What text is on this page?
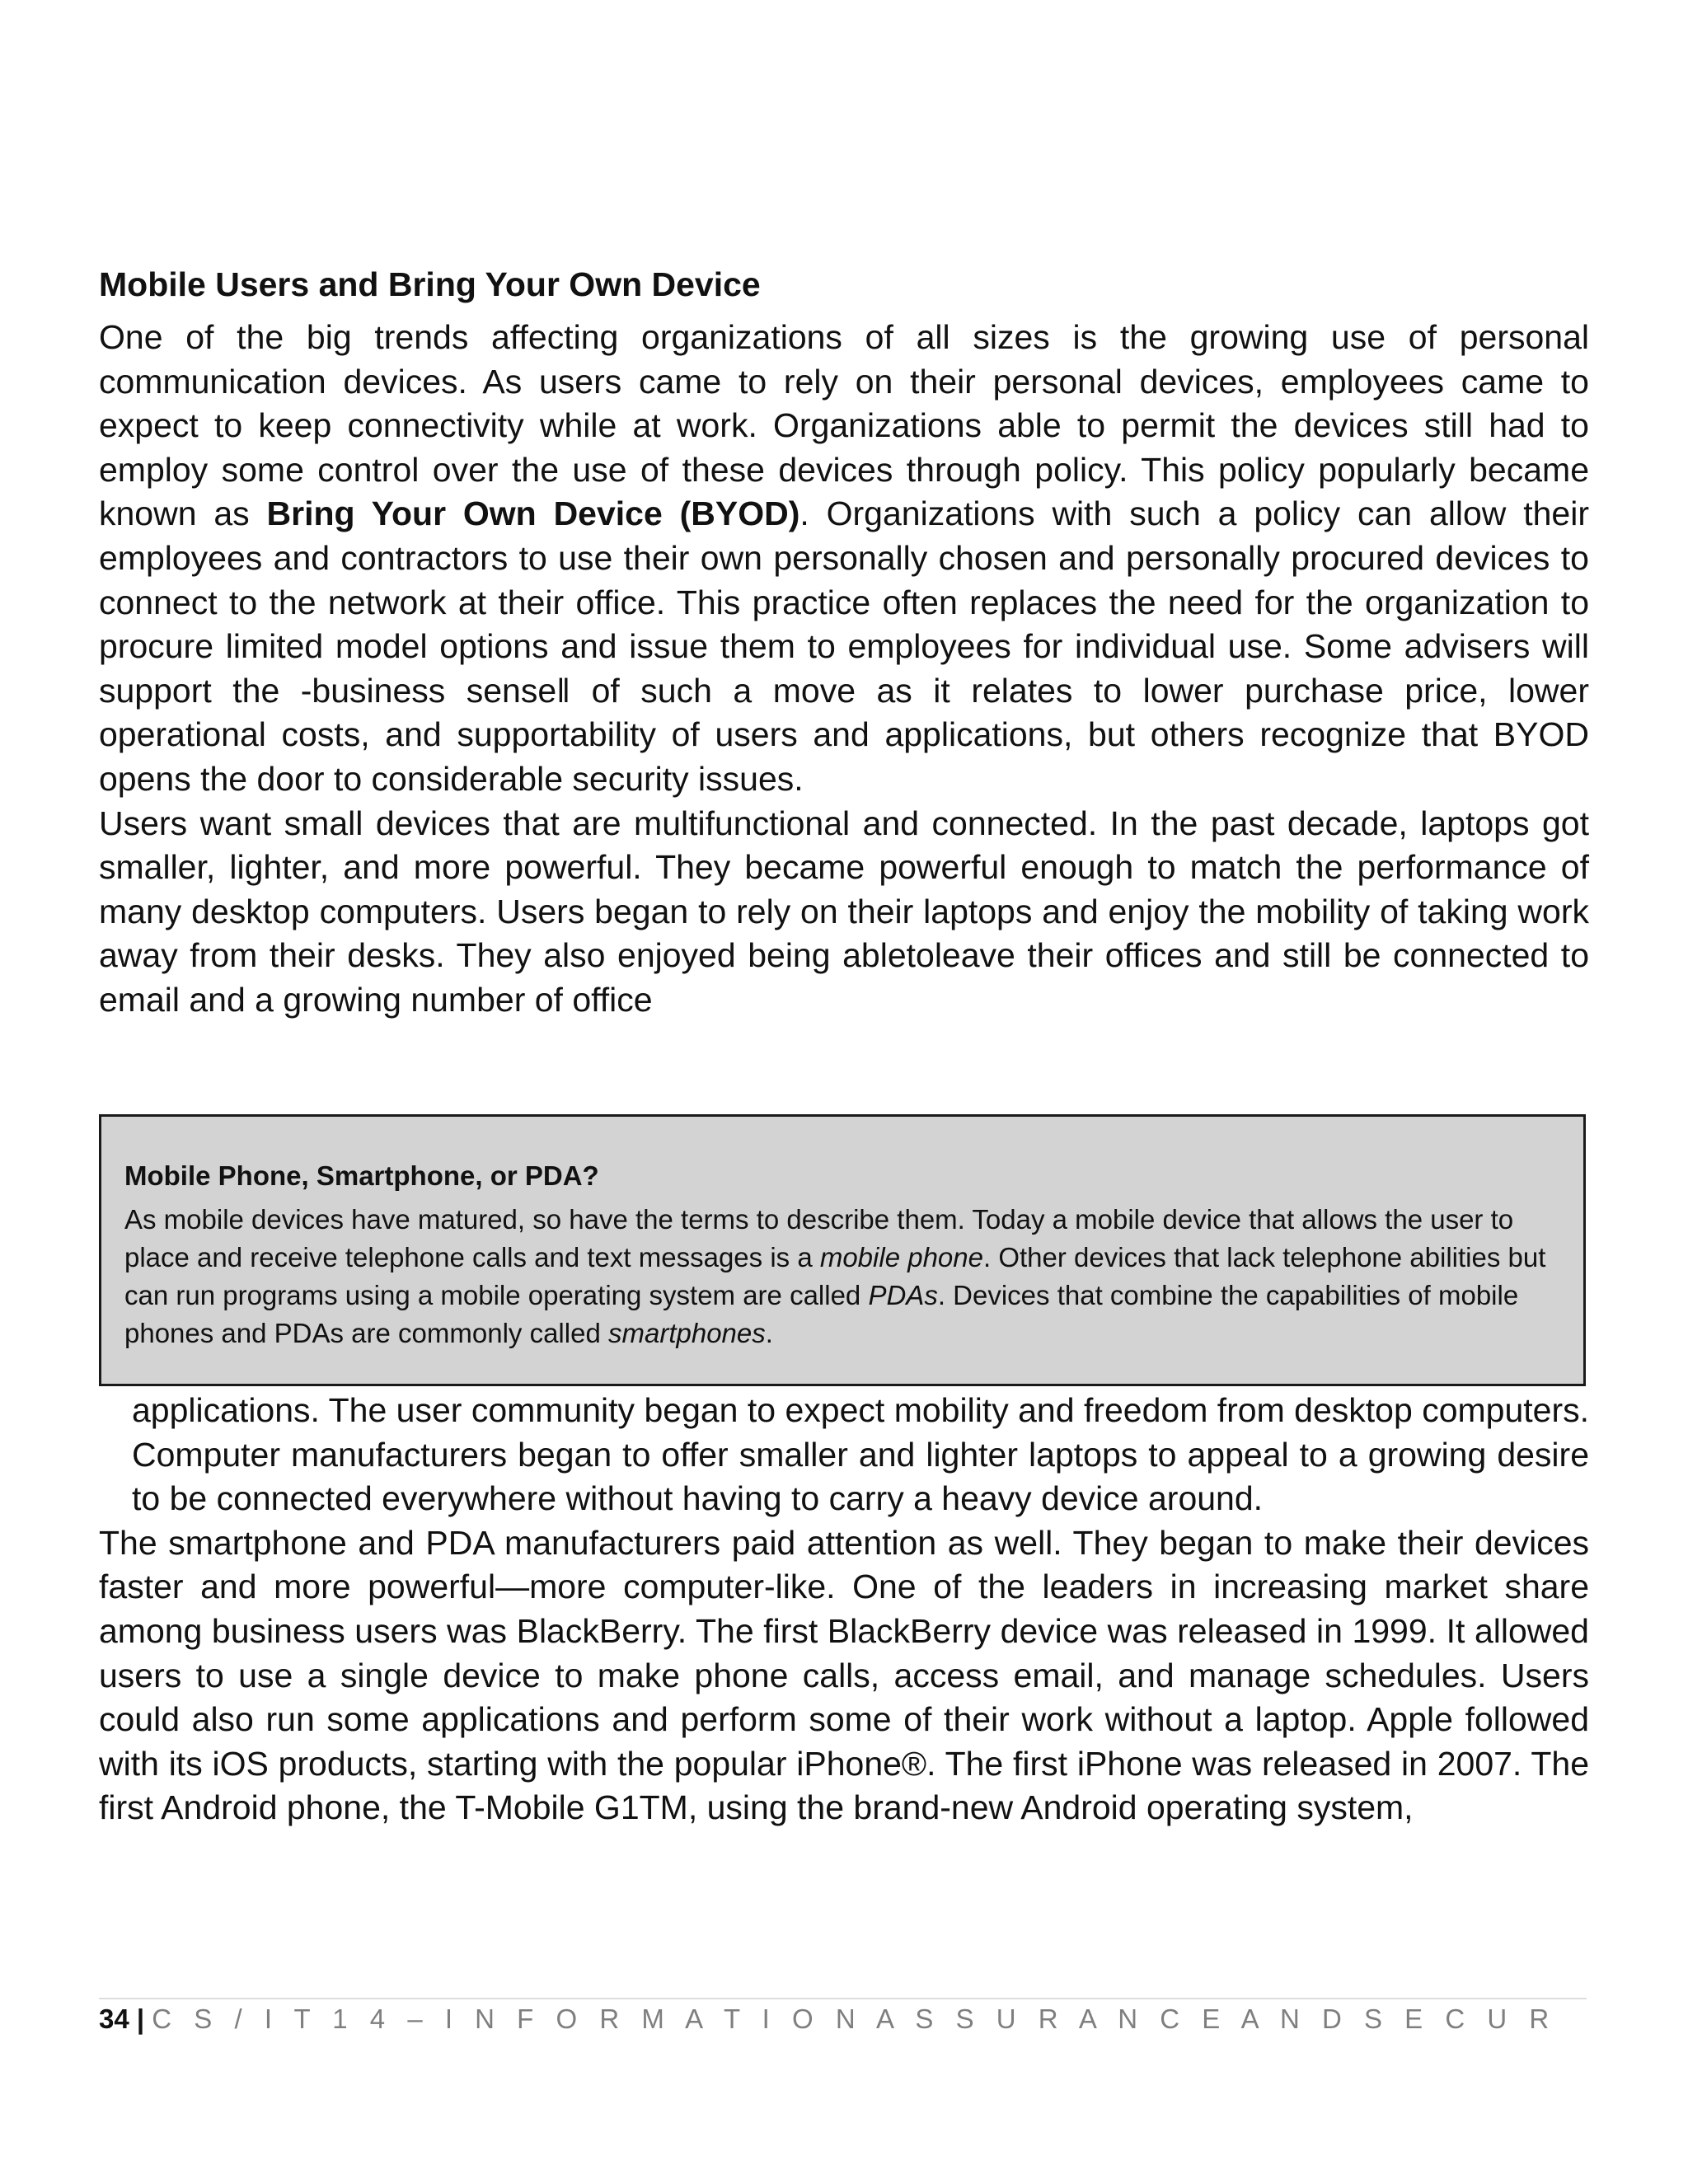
Mobile Users and Bring Your Own Device

One of the big trends affecting organizations of all sizes is the growing use of personal communication devices. As users came to rely on their personal devices, employees came to expect to keep connectivity while at work. Organizations able to permit the devices still had to employ some control over the use of these devices through policy. This policy popularly became known as Bring Your Own Device (BYOD). Organizations with such a policy can allow their employees and contractors to use their own personally chosen and personally procured devices to connect to the network at their office. This practice often replaces the need for the organization to procure limited model options and issue them to employees for individual use. Some advisers will support the ‑business sense‖ of such a move as it relates to lower purchase price, lower operational costs, and supportability of users and applications, but others recognize that BYOD opens the door to considerable security issues.

Users want small devices that are multifunctional and connected. In the past decade, laptops got smaller, lighter, and more powerful. They became powerful enough to match the performance of many desktop computers. Users began to rely on their laptops and enjoy the mobility of taking work away from their desks. They also enjoyed being abletoleave their offices and still be connected to email and a growing number of office

Mobile Phone, Smartphone, or PDA?

As mobile devices have matured, so have the terms to describe them. Today a mobile device that allows the user to place and receive telephone calls and text messages is a mobile phone. Other devices that lack telephone abilities but can run programs using a mobile operating system are called PDAs. Devices that combine the capabilities of mobile phones and PDAs are commonly called smartphones.

applications. The user community began to expect mobility and freedom from desktop computers. Computer manufacturers began to offer smaller and lighter laptops to appeal to a growing desire to be connected everywhere without having to carry a heavy device around.

The smartphone and PDA manufacturers paid attention as well. They began to make their devices faster and more powerful—more computer-like. One of the leaders in increasing market share among business users was BlackBerry. The first BlackBerry device was released in 1999. It allowed users to use a single device to make phone calls, access email, and manage schedules. Users could also run some applications and perform some of their work without a laptop. Apple followed with its iOS products, starting with the popular iPhone®. The first iPhone was released in 2007. The first Android phone, the T-Mobile G1TM, using the brand-new Android operating system,

34 | C S / I T 1 4 – I N F O R M A T I O N A S S U R A N C E A N D S E C U R
